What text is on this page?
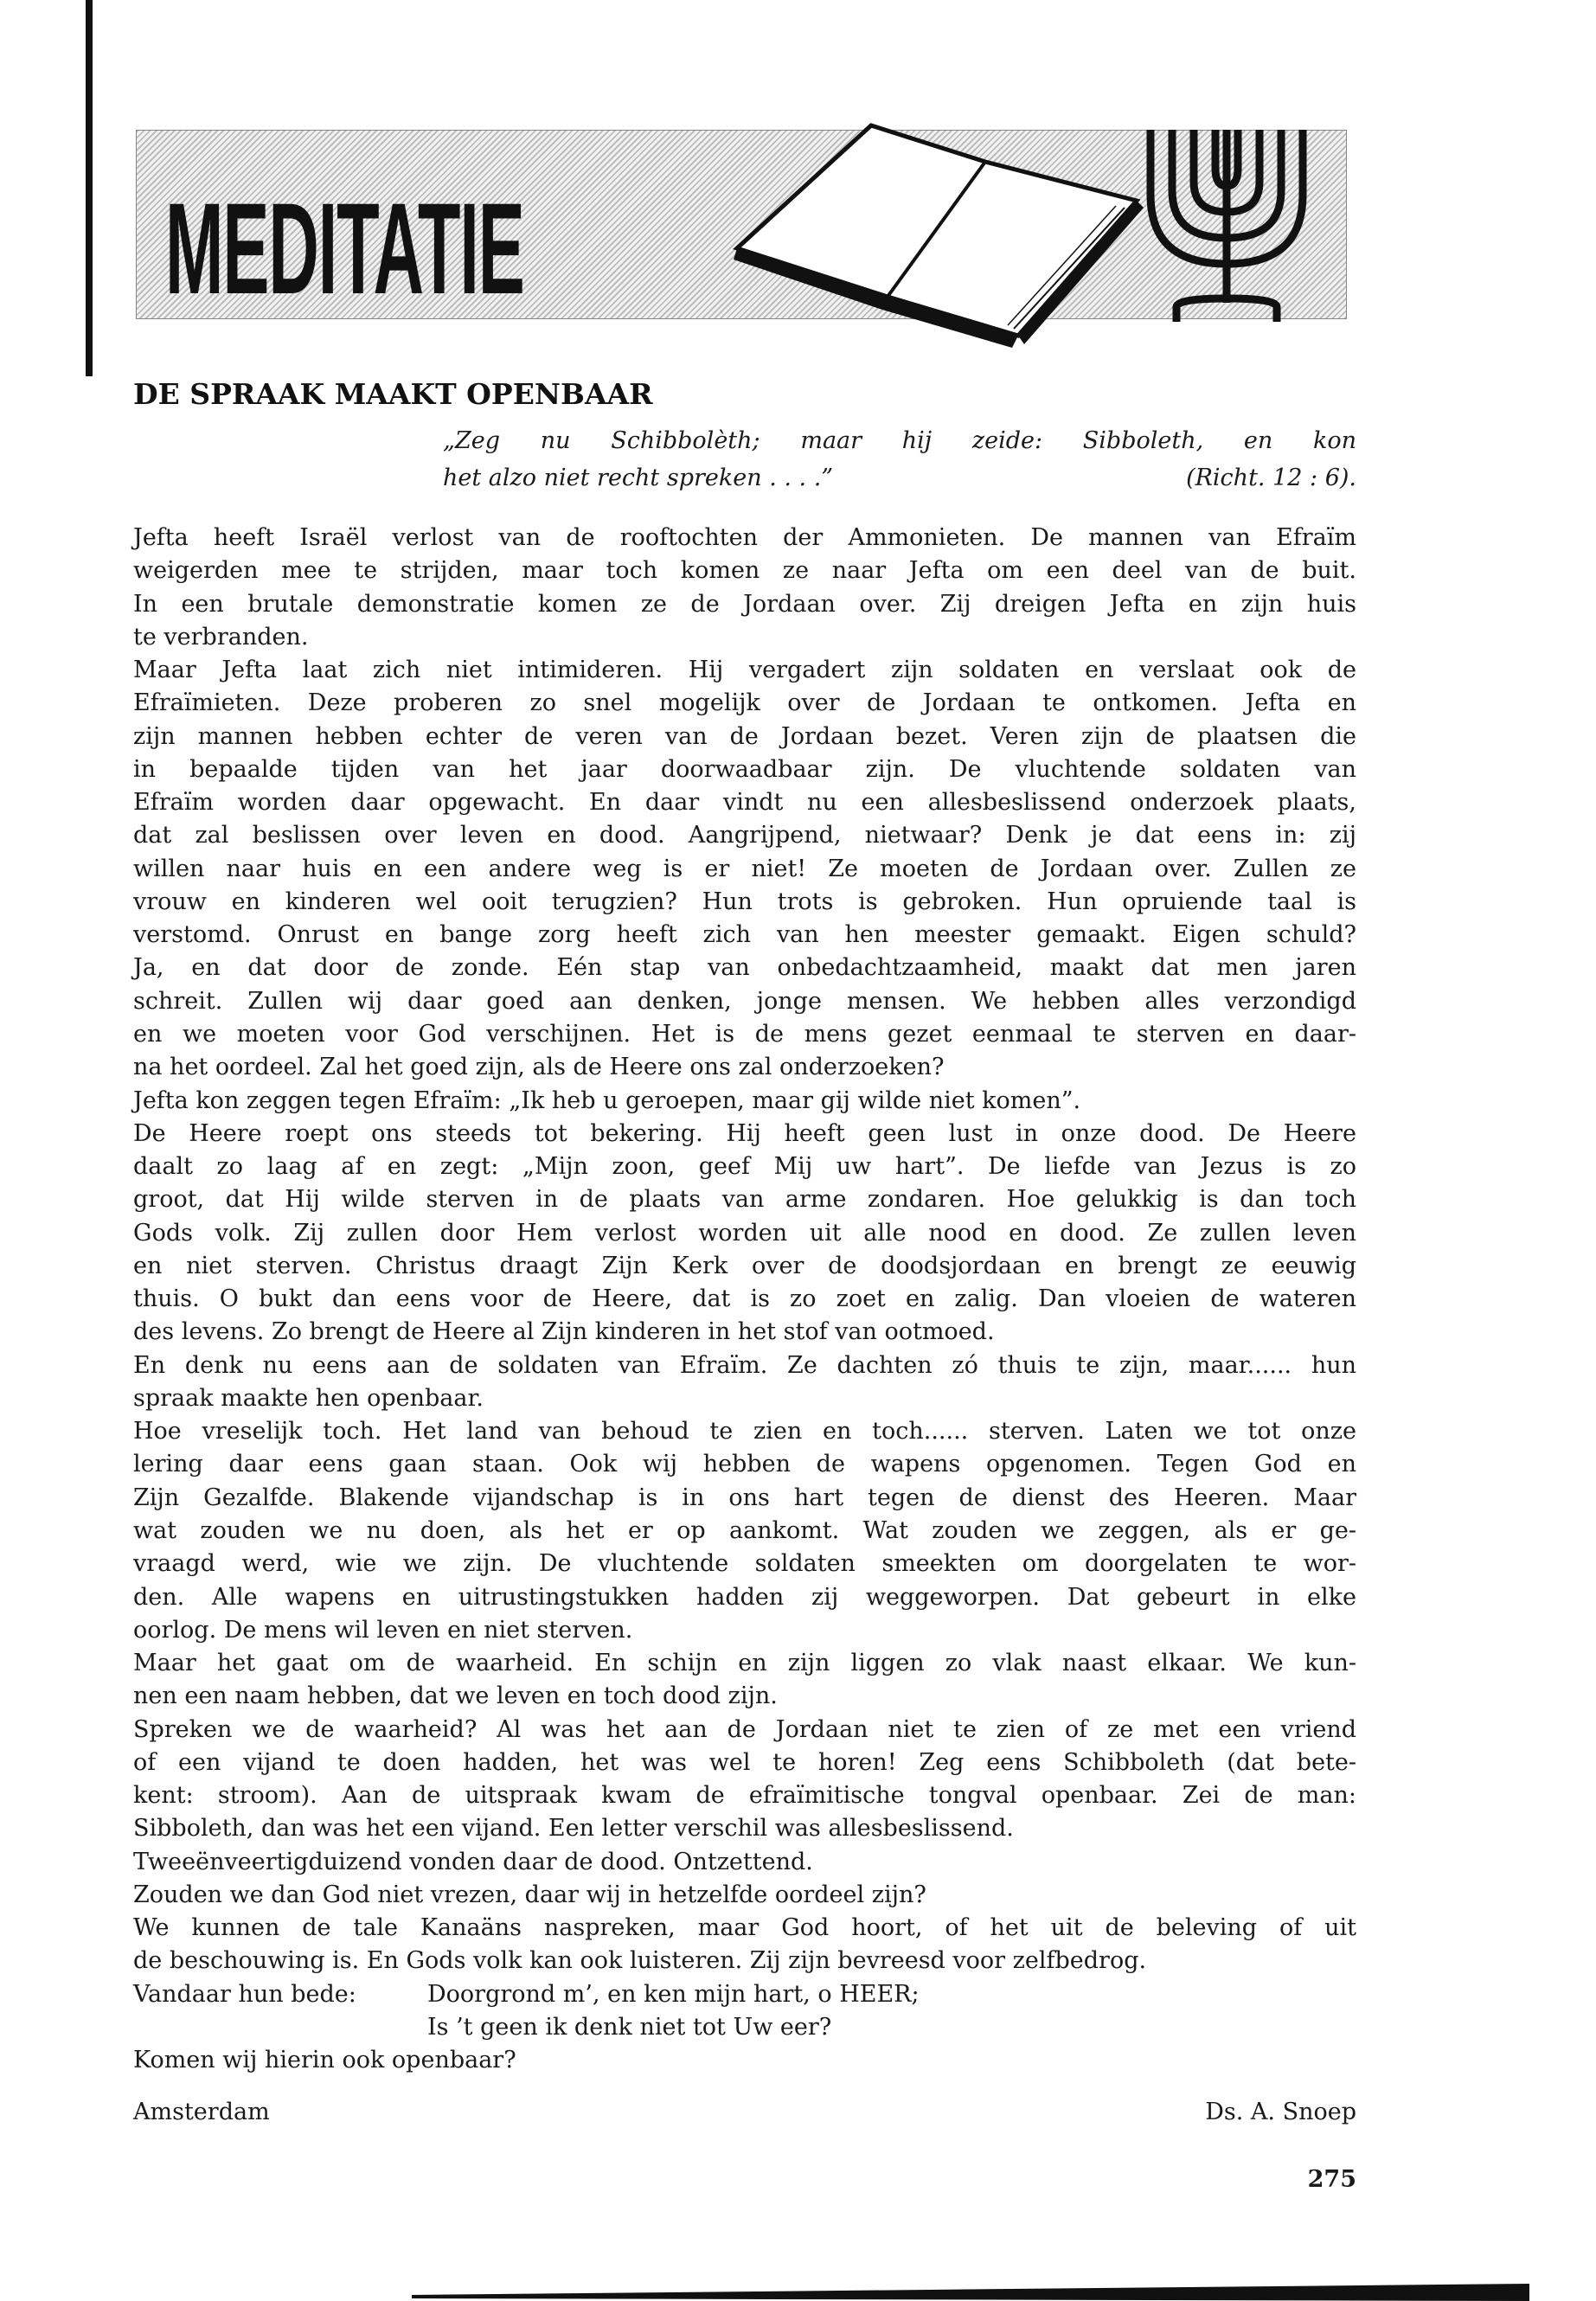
MEDITATIE
DE SPRAAK MAAKT OPENBAAR
„Zeg nu Schibbolèth; maar hij zeide: Sibboleth, en kon
het alzo niet recht spreken . . . .”	(Richt. 12 : 6).
Jefta heeft Israël verlost van de rooftochten der Ammonieten. De mannen van Efraïm
weigerden mee te strijden, maar toch komen ze naar Jefta om een deel van de buit.
In een brutale demonstratie komen ze de Jordaan over. Zij dreigen Jefta en zijn huis
te verbranden.
Maar Jefta laat zich niet intimideren. Hij vergadert zijn soldaten en verslaat ook de
Efraïmieten. Deze proberen zo snel mogelijk over de Jordaan te ontkomen. Jefta en
zijn mannen hebben echter de veren van de Jordaan bezet. Veren zijn de plaatsen die
in bepaalde tijden van het jaar doorwaadbaar zijn. De vluchtende soldaten van
Efraïm worden daar opgewacht. En daar vindt nu een allesbeslissend onderzoek plaats,
dat zal beslissen over leven en dood. Aangrijpend, nietwaar? Denk je dat eens in: zij
willen naar huis en een andere weg is er niet! Ze moeten de Jordaan over. Zullen ze
vrouw en kinderen wel ooit terugzien? Hun trots is gebroken. Hun opruiende taal is
verstomd. Onrust en bange zorg heeft zich van hen meester gemaakt. Eigen schuld?
Ja, en dat door de zonde. Eén stap van onbedachtzaamheid, maakt dat men jaren
schreit. Zullen wij daar goed aan denken, jonge mensen. We hebben alles verzondigd
en we moeten voor God verschijnen. Het is de mens gezet eenmaal te sterven en daar-
na het oordeel. Zal het goed zijn, als de Heere ons zal onderzoeken?
Jefta kon zeggen tegen Efraïm: „Ik heb u geroepen, maar gij wilde niet komen”.
De Heere roept ons steeds tot bekering. Hij heeft geen lust in onze dood. De Heere
daalt zo laag af en zegt: „Mijn zoon, geef Mij uw hart”. De liefde van Jezus is zo
groot, dat Hij wilde sterven in de plaats van arme zondaren. Hoe gelukkig is dan toch
Gods volk. Zij zullen door Hem verlost worden uit alle nood en dood. Ze zullen leven
en niet sterven. Christus draagt Zijn Kerk over de doodsjordaan en brengt ze eeuwig
thuis. O bukt dan eens voor de Heere, dat is zo zoet en zalig. Dan vloeien de wateren
des levens. Zo brengt de Heere al Zijn kinderen in het stof van ootmoed.
En denk nu eens aan de soldaten van Efraïm. Ze dachten zó thuis te zijn, maar...... hun
spraak maakte hen openbaar.
Hoe vreselijk toch. Het land van behoud te zien en toch...... sterven. Laten we tot onze
lering daar eens gaan staan. Ook wij hebben de wapens opgenomen. Tegen God en
Zijn Gezalfde. Blakende vijandschap is in ons hart tegen de dienst des Heeren. Maar
wat zouden we nu doen, als het er op aankomt. Wat zouden we zeggen, als er ge-
vraagd werd, wie we zijn. De vluchtende soldaten smeekten om doorgelaten te wor-
den. Alle wapens en uitrustingstukken hadden zij weggeworpen. Dat gebeurt in elke
oorlog. De mens wil leven en niet sterven.
Maar het gaat om de waarheid. En schijn en zijn liggen zo vlak naast elkaar. We kun-
nen een naam hebben, dat we leven en toch dood zijn.
Spreken we de waarheid? Al was het aan de Jordaan niet te zien of ze met een vriend
of een vijand te doen hadden, het was wel te horen! Zeg eens Schibboleth (dat bete-
kent: stroom). Aan de uitspraak kwam de efraïmitische tongval openbaar. Zei de man:
Sibboleth, dan was het een vijand. Een letter verschil was allesbeslissend.
Tweeënveertigduizend vonden daar de dood. Ontzettend.
Zouden we dan God niet vrezen, daar wij in hetzelfde oordeel zijn?
We kunnen de tale Kanaäns naspreken, maar God hoort, of het uit de beleving of uit
de beschouwing is. En Gods volk kan ook luisteren. Zij zijn bevreesd voor zelfbedrog.
Vandaar hun bede:	Doorgrond m’, en ken mijn hart, o HEER;
Is ’t geen ik denk niet tot Uw eer?
Komen wij hierin ook openbaar?
Amsterdam	Ds. A. Snoep
275
